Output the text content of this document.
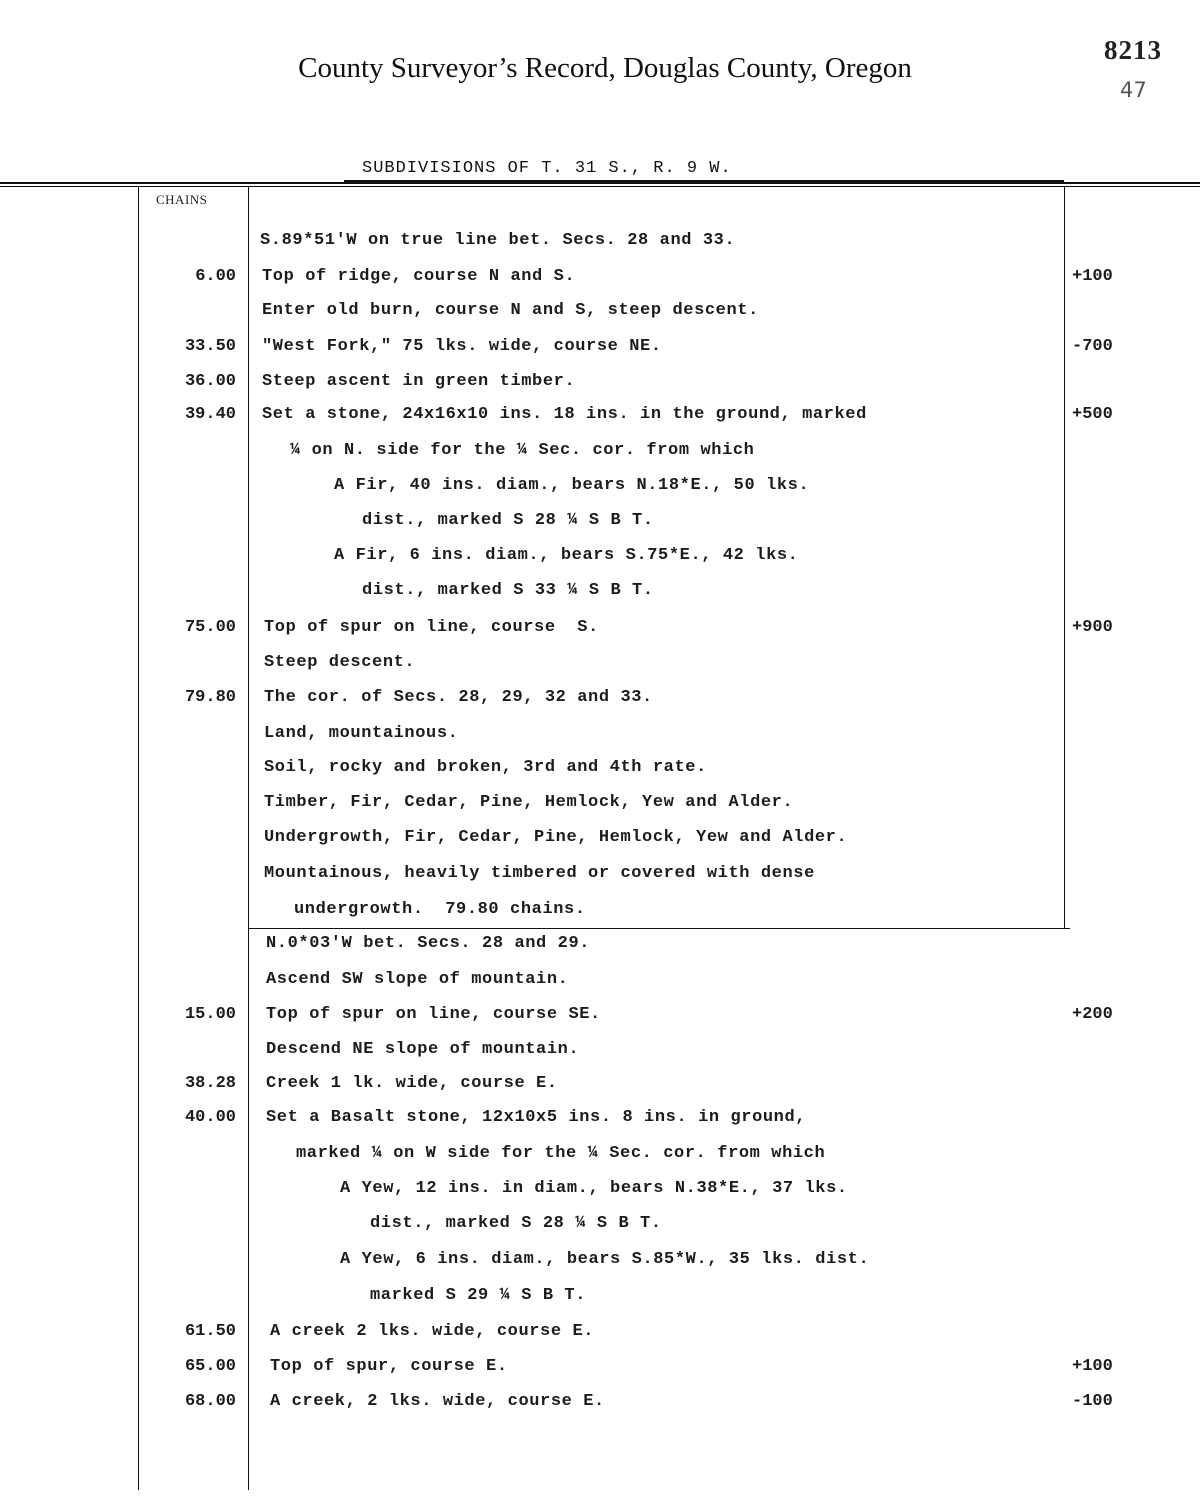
County Surveyor’s Record, Douglas County, Oregon
8213
47
SUBDIVISIONS OF T. 31 S., R. 9 W.
CHAINS
S.89*51'W on true line bet. Secs. 28 and 33.
6.00 Top of ridge, course N and S.	+100
Enter old burn, course N and S, steep descent.
33.50 "West Fork," 75 lks. wide, course NE.	-700
36.00 Steep ascent in green timber.
39.40 Set a stone, 24x16x10 ins. 18 ins. in the ground, marked	+500
¼ on N. side for the ¼ Sec. cor. from which
A Fir, 40 ins. diam., bears N.18*E., 50 lks.
dist., marked S 28 ¼ S B T.
A Fir, 6 ins. diam., bears S.75*E., 42 lks.
dist., marked S 33 ¼ S B T.
75.00 Top of spur on line, course  S.	+900
Steep descent.
79.80 The cor. of Secs. 28, 29, 32 and 33.
Land, mountainous.
Soil, rocky and broken, 3rd and 4th rate.
Timber, Fir, Cedar, Pine, Hemlock, Yew and Alder.
Undergrowth, Fir, Cedar, Pine, Hemlock, Yew and Alder.
Mountainous, heavily timbered or covered with dense
undergrowth.  79.80 chains.
N.0*03'W bet. Secs. 28 and 29.
Ascend SW slope of mountain.
15.00 Top of spur on line, course SE.	+200
Descend NE slope of mountain.
38.28 Creek 1 lk. wide, course E.
40.00 Set a Basalt stone, 12x10x5 ins. 8 ins. in ground,
marked ¼ on W side for the ¼ Sec. cor. from which
A Yew, 12 ins. in diam., bears N.38*E., 37 lks.
dist., marked S 28 ¼ S B T.
A Yew, 6 ins. diam., bears S.85*W., 35 lks. dist.
marked S 29 ¼ S B T.
61.50 A creek 2 lks. wide, course E.
65.00 Top of spur, course E.	+100
68.00 A creek, 2 lks. wide, course E.	-100
